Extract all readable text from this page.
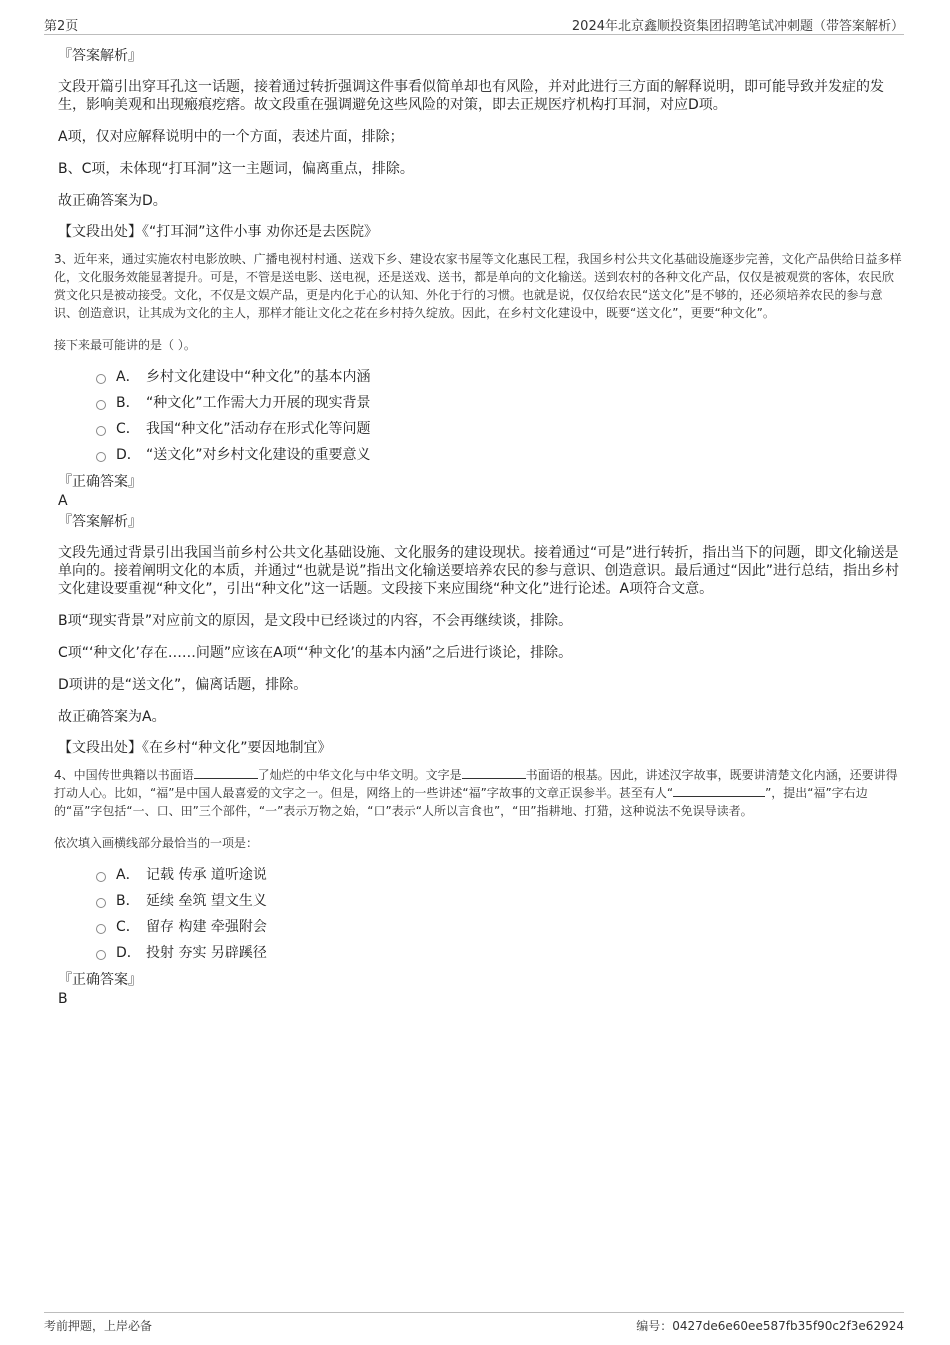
第2页	2024年北京鑫顺投资集团招聘笔试冲刺题（带答案解析）
『答案解析』
文段开篇引出穿耳孔这一话题，接着通过转折强调这件事看似简单却也有风险，并对此进行三方面的解释说明，即可能导致并发症的发生，影响美观和出现瘢痕疙瘩。故文段重在强调避免这些风险的对策，即去正规医疗机构打耳洞，对应D项。
A项，仅对应解释说明中的一个方面，表述片面，排除；
B、C项，未体现“打耳洞”这一主题词，偏离重点，排除。
故正确答案为D。
【文段出处】《“打耳洞”这件小事 劝你还是去医院》
3、近年来，通过实施农村电影放映、广播电视村村通、送戏下乡、建设农家书屋等文化惠民工程，我国乡村公共文化基础设施逐步完善，文化产品供给日益多样化，文化服务效能显著提升。可是，不管是送电影、送电视，还是送戏、送书，都是单向的文化输送。送到农村的各种文化产品，仅仅是被观赏的客体，农民欣赏文化只是被动接受。文化，不仅是文娱产品，更是内化于心的认知、外化于行的习惯。也就是说，仅仅给农民“送文化”是不够的，还必须培养农民的参与意识、创造意识，让其成为文化的主人，那样才能让文化之花在乡村持久绽放。因此，在乡村文化建设中，既要“送文化”，更要“种文化”。
接下来最可能讲的是（ ）。
A． 乡村文化建设中“种文化”的基本内涵
B． “种文化”工作需大力开展的现实背景
C． 我国“种文化”活动存在形式化等问题
D． “送文化”对乡村文化建设的重要意义
『正确答案』
A
『答案解析』
文段先通过背景引出我国当前乡村公共文化基础设施、文化服务的建设现状。接着通过“可是”进行转折，指出当下的问题，即文化输送是单向的。接着阐明文化的本质，并通过“也就是说”指出文化输送要培养农民的参与意识、创造意识。最后通过“因此”进行总结，指出乡村文化建设要重视“种文化”，引出“种文化”这一话题。文段接下来应围绕“种文化”进行论述。A项符合文意。
B项“现实背景”对应前文的原因，是文段中已经谈过的内容，不会再继续谈，排除。
C项“‘种文化’存在……问题”应该在A项“‘种文化’的基本内涵”之后进行谈论，排除。
D项讲的是“送文化”，偏离话题，排除。
故正确答案为A。
【文段出处】《在乡村“种文化”要因地制宜》
4、中国传世典籍以书面语	了灿烂的中华文化与中华文明。文字是	书面语的根基。因此，讲述汉字故事，既要讲清楚文化内涵，还要讲得打动人心。比如，“福”是中国人最喜爱的文字之一。但是，网络上的一些讲述“福”字故事的文章正误参半。甚至有人“	”，提出“福”字右边的“畐”字包括“一、口、田”三个部件，“一”表示万物之始，“口”表示“人所以言食也”，“田”指耕地、打猎，这种说法不免误导读者。
依次填入画横线部分最恰当的一项是：
A． 记载 传承 道听途说
B． 延续 垒筑 望文生义
C． 留存 构建 牵强附会
D． 投射 夯实 另辟蹊径
『正确答案』
B
考前押题，上岸必备	编号：0427de6e60ee587fb35f90c2f3e62924
